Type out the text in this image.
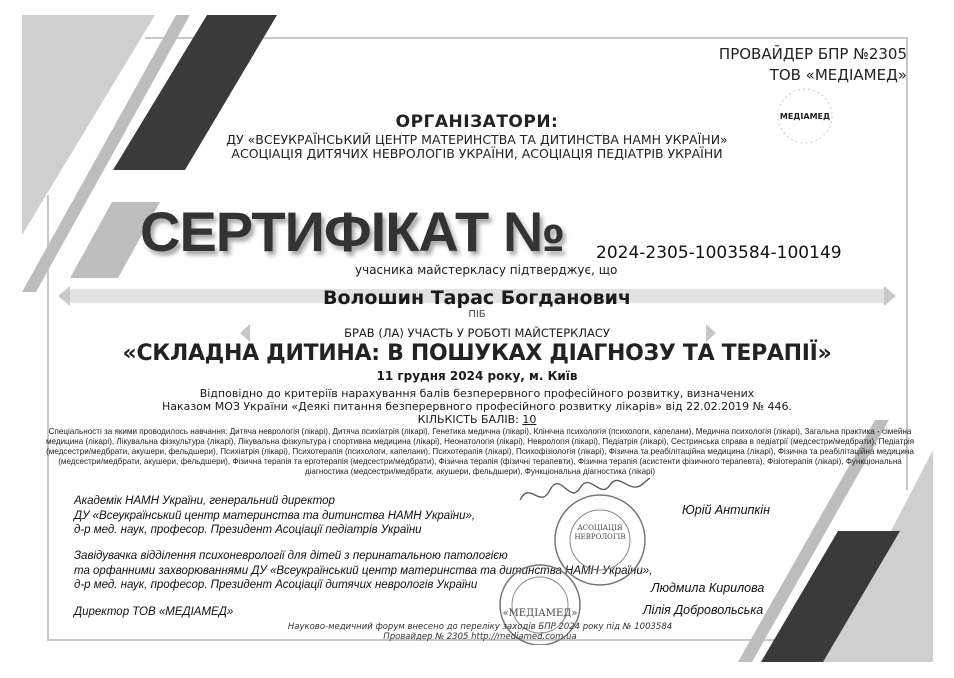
ПРОВАЙДЕР БПР №2305
ТОВ «МЕДІАМЕД»
МЕДІАМЕД
ОРГАНІЗАТОРИ:
ДУ «ВСЕУКРАЇНСЬКИЙ ЦЕНТР МАТЕРИНСТВА ТА ДИТИНСТВА НАМН УКРАЇНИ»
АСОЦІАЦІЯ ДИТЯЧИХ НЕВРОЛОГІВ УКРАЇНИ, АСОЦІАЦІЯ ПЕДІАТРІВ УКРАЇНИ
СЕРТИФІКАТ № 2024-2305-1003584-100149
учасника майстеркласу підтверджує, що
Волошин Тарас Богданович
ПІБ
БРАВ (ЛА) УЧАСТЬ У РОБОТІ МАЙСТЕРКЛАСУ
«СКЛАДНА ДИТИНА: В ПОШУКАХ ДІАГНОЗУ ТА ТЕРАПІЇ»
11 грудня 2024 року, м. Київ
Відповідно до критеріїв нарахування балів безперервного професійного розвитку, визначених
Наказом МОЗ України «Деякі питання безперервного професійного розвитку лікарів» від 22.02.2019 № 446.
КІЛЬКІСТЬ БАЛІВ: 10
Спеціальності за якими проводилось навчання: Дитяча неврологія (лікарі), Дитяча психіатрія (лікарі), Генетика медична (лікарі), Клінічна психологія (психологи, капелани), Медична психологія (лікарі), Загальна практика - сімейна медицина (лікарі), Лікувальна фізкультура (лікарі), Лікувальна фізкультура і спортивна медицина (лікарі), Неонатологія (лікарі), Неврологія (лікарі), Педіатрія (лікарі), Сестринська справа в педіатрії (медсестри/медбрати), Педіатрія (медсестри/медбрати, акушери, фельдшери), Психіатрія (лікарі), Психотерапія (психологи, капелани), Психотерапія (лікарі), Психофізіологія (лікарі), Фізична та реабілітаційна медицина (лікарі), Фізична та реабілітаційна медицина (медсестри/медбрати, акушери, фельдшери), Фізична терапія та ерготерапія (медсестри/медбрати), Фізична терапія (фізичні терапевти), Фізична терапія (асистенти фізичного терапевта), Фізіотерапія (лікарі), Функціональна діагностика (медсестри/медбрати, акушери, фельдшери), Функціональна діагностика (лікарі)
Академік НАМН України, генеральний директор
ДУ «Всеукраїнський центр материнства та дитинства НАМН України»,
д-р мед. наук, професор. Президент Асоціації педіатрів України
Юрій Антипкін
Завідувачка відділення психоневрології для дітей з перинатальною патологією
та орфанними захворюваннями ДУ «Всеукраїнський центр материнства та дитинства НАМН України»,
д-р мед. наук, професор. Президент Асоціації дитячих неврологів України	Людмила Кирилова
Директор ТОВ «МЕДІАМЕД»	Лілія Добровольська
АСОЦІАЦІЯ
НЕВРОЛОГІВ
«МЕДІАМЕД»
Науково-медичний форум внесено до переліку заходів БПР 2024 року під № 1003584
Провайдер № 2305 http://mediamed.com.ua
